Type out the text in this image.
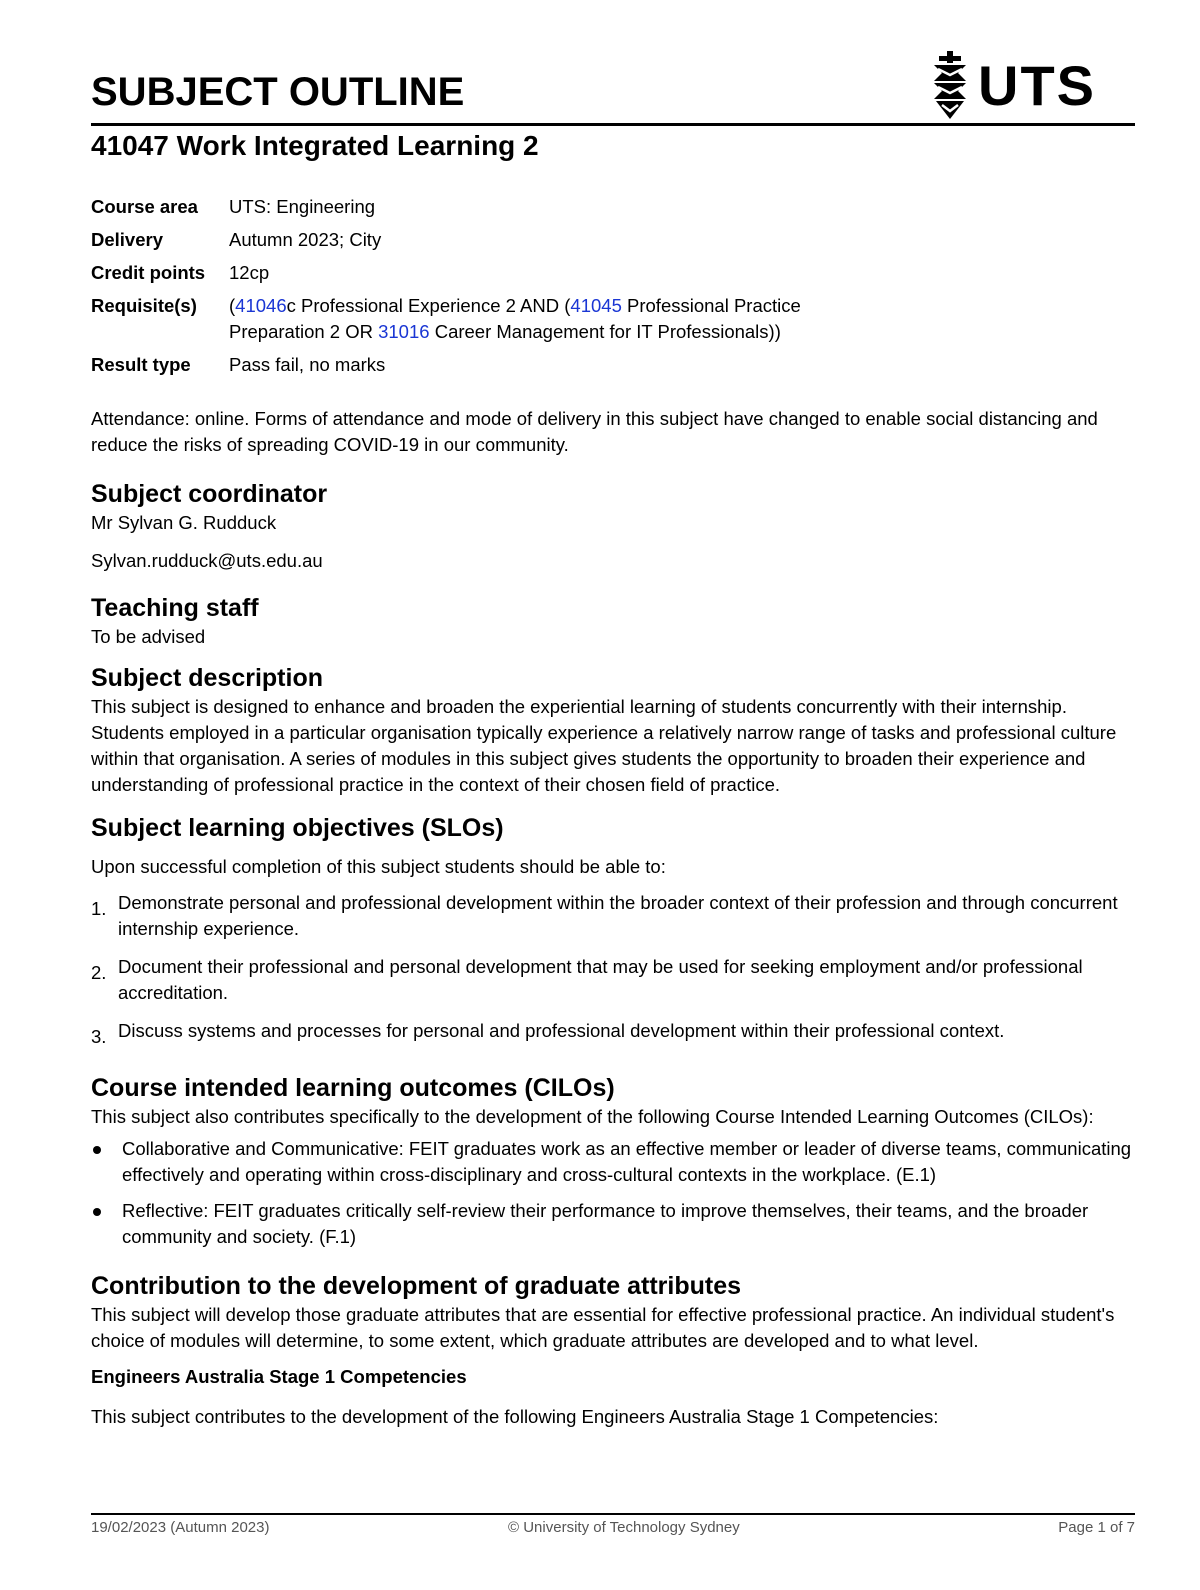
SUBJECT OUTLINE	UTS
41047 Work Integrated Learning 2
Course area	UTS: Engineering
Delivery	Autumn 2023; City
Credit points	12cp
Requisite(s)	(41046c Professional Experience 2 AND (41045 Professional Practice Preparation 2 OR 31016 Career Management for IT Professionals))
Result type	Pass fail, no marks

Attendance: online. Forms of attendance and mode of delivery in this subject have changed to enable social distancing and reduce the risks of spreading COVID-19 in our community.

Subject coordinator

Mr Sylvan G. Rudduck

Sylvan.rudduck@uts.edu.au

Teaching staff

To be advised

Subject description

This subject is designed to enhance and broaden the experiential learning of students concurrently with their internship. Students employed in a particular organisation typically experience a relatively narrow range of tasks and professional culture within that organisation. A series of modules in this subject gives students the opportunity to broaden their experience and understanding of professional practice in the context of their chosen field of practice.

Subject learning objectives (SLOs)

Upon successful completion of this subject students should be able to:

1. Demonstrate personal and professional development within the broader context of their profession and through concurrent internship experience.
2. Document their professional and personal development that may be used for seeking employment and/or professional accreditation.
3. Discuss systems and processes for personal and professional development within their professional context.
Course intended learning outcomes (CILOs)

This subject also contributes specifically to the development of the following Course Intended Learning Outcomes (CILOs):

Collaborative and Communicative: FEIT graduates work as an effective member or leader of diverse teams, communicating effectively and operating within cross-disciplinary and cross-cultural contexts in the workplace. (E.1)
Reflective: FEIT graduates critically self-review their performance to improve themselves, their teams, and the broader community and society. (F.1)
Contribution to the development of graduate attributes

This subject will develop those graduate attributes that are essential for effective professional practice. An individual student's choice of modules will determine, to some extent, which graduate attributes are developed and to what level.

Engineers Australia Stage 1 Competencies

This subject contributes to the development of the following Engineers Australia Stage 1 Competencies:

19/02/2023 (Autumn 2023)	© University of Technology Sydney	Page 1 of 7
